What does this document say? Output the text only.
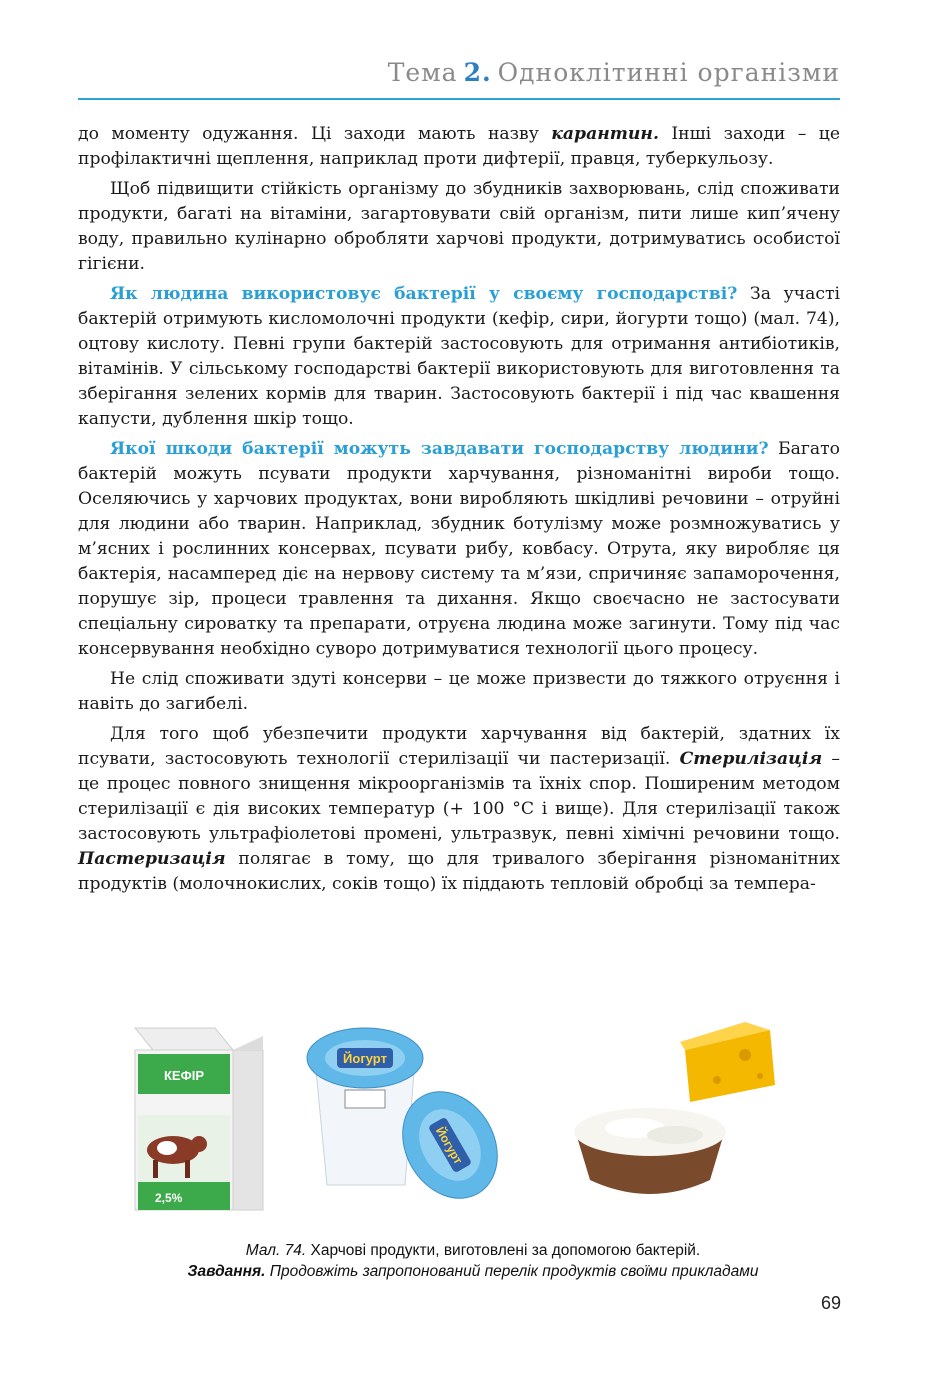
Тема 2. Одноклітинні організми

до моменту одужання. Ці заходи мають назву карантин. Інші заходи – це профілактичні щеплення, наприклад проти дифтерії, правця, туберкульозу.

Щоб підвищити стійкість організму до збудників захворювань, слід споживати продукти, багаті на вітаміни, загартовувати свій організм, пити лише кип’ячену воду, правильно кулінарно обробляти харчові продукти, дотримуватись особистої гігієни.

Як людина використовує бактерії у своєму господарстві? За участі бактерій отримують кисломолочні продукти (кефір, сири, йогурти тощо) (мал. 74), оцтову кислоту. Певні групи бактерій застосовують для отримання антибіотиків, вітамінів. У сільському господарстві бактерії використовують для виготовлення та зберігання зелених кормів для тварин. Застосовують бактерії і під час квашення капусти, дублення шкір тощо.

Якої шкоди бактерії можуть завдавати господарству людини? Багато бактерій можуть псувати продукти харчування, різноманітні вироби тощо. Оселяючись у харчових продуктах, вони виробляють шкідливі речовини – отруйні для людини або тварин. Наприклад, збудник ботулізму може розмножуватись у м’ясних і рослинних консервах, псувати рибу, ковбасу. Отрута, яку виробляє ця бактерія, насамперед діє на нервову систему та м’язи, спричиняє запаморочення, порушує зір, процеси травлення та дихання. Якщо своєчасно не застосувати спеціальну сироватку та препарати, отруєна людина може загинути. Тому під час консервування необхідно суворо дотримуватися технології цього процесу.

Не слід споживати здуті консерви – це може призвести до тяжкого отруєння і навіть до загибелі.

Для того щоб убезпечити продукти харчування від бактерій, здатних їх псувати, застосовують технології стерилізації чи пастеризації. Стерилізація – це процес повного знищення мікроорганізмів та їхніх спор. Поширеним методом стерилізації є дія високих температур (+ 100 °С і вище). Для стерилізації також застосовують ультрафіолетові промені, ультразвук, певні хімічні речовини тощо. Пастеризація полягає в тому, що для тривалого зберігання різноманітних продуктів (молочнокислих, соків тощо) їх піддають тепловій обробці за темпера-

КЕФІР
2,5%
Йогурт
Йогурт
Мал. 74. Харчові продукти, виготовлені за допомогою бактерій.
Завдання. Продовжіть запропонований перелік продуктів своїми прикладами
69
